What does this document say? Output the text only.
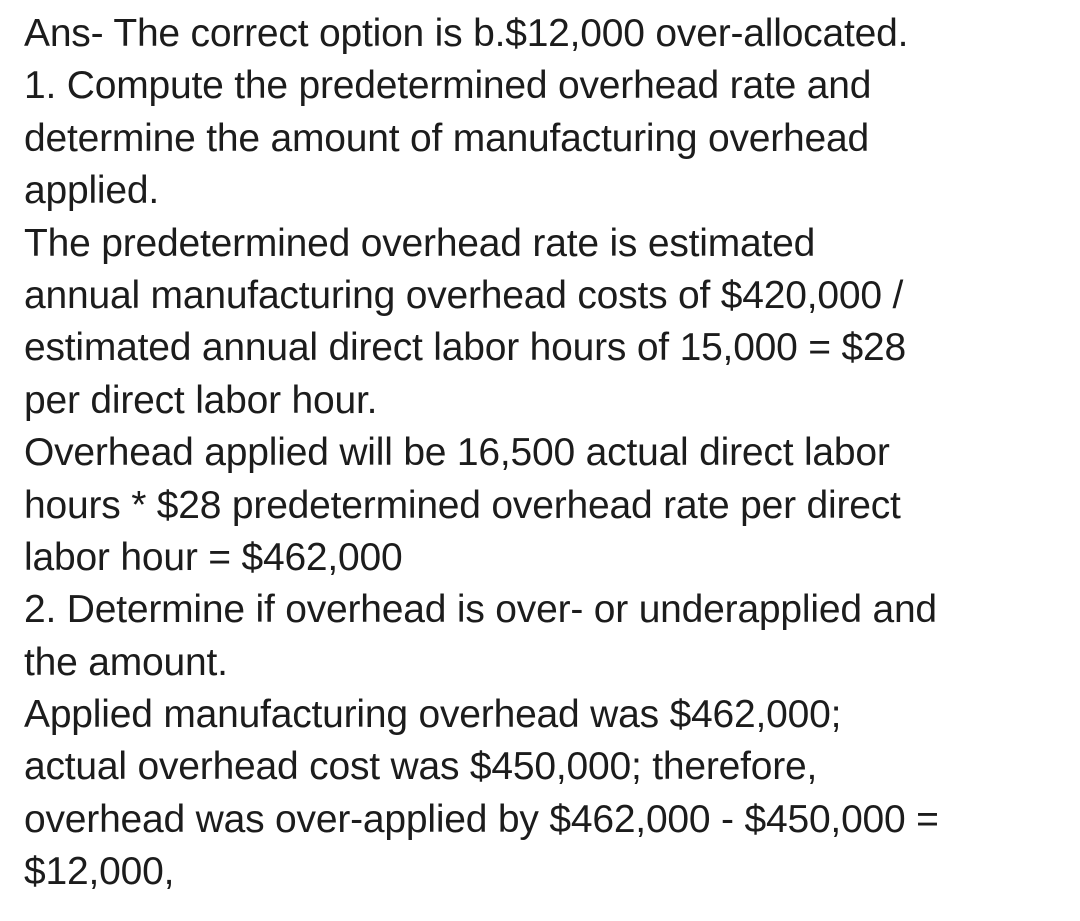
Ans- The correct option is b.$12,000 over-allocated.
1. Compute the predetermined overhead rate and
determine the amount of manufacturing overhead
applied.
The predetermined overhead rate is estimated
annual manufacturing overhead costs of $420,000 /
estimated annual direct labor hours of 15,000 = $28
per direct labor hour.
Overhead applied will be 16,500 actual direct labor
hours * $28 predetermined overhead rate per direct
labor hour = $462,000
2. Determine if overhead is over- or underapplied and
the amount.
Applied manufacturing overhead was $462,000;
actual overhead cost was $450,000; therefore,
overhead was over-applied by $462,000 - $450,000 =
$12,000,
